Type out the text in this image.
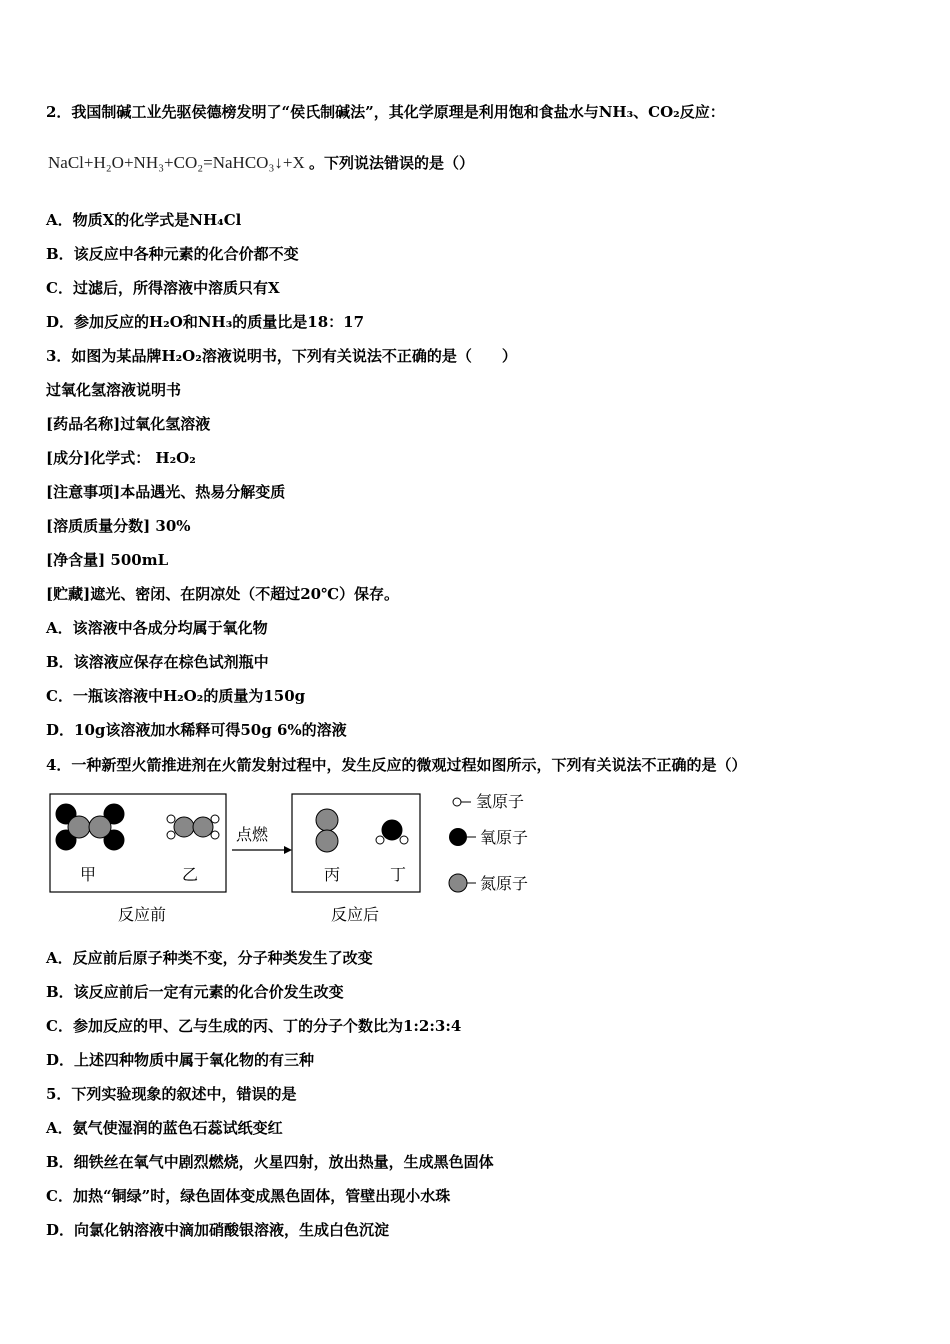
2．我国制碱工业先驱侯德榜发明了“侯氏制碱法”，其化学原理是利用饱和食盐水与NH₃、CO₂反应：
NaCl+H₂O+NH₃+CO₂=NaHCO₃↓+X 。下列说法错误的是（）
A．物质X的化学式是NH₄Cl
B．该反应中各种元素的化合价都不变
C．过滤后，所得溶液中溶质只有X
D．参加反应的H₂O和NH₃的质量比是18：17
3．如图为某品牌H₂O₂溶液说明书，下列有关说法不正确的是（　　）
过氧化氢溶液说明书
[药品名称]过氧化氢溶液
[成分]化学式： H₂O₂
[注意事项]本品遇光、热易分解变质
[溶质质量分数] 30%
[净含量] 500mL
[贮藏]遮光、密闭、在阴凉处（不超过20℃）保存。
A．该溶液中各成分均属于氧化物
B．该溶液应保存在棕色试剂瓶中
C．一瓶该溶液中H₂O₂的质量为150g
D．10g该溶液加水稀释可得50g 6%的溶液
4．一种新型火箭推进剂在火箭发射过程中，发生反应的微观过程如图所示，下列有关说法不正确的是（）
甲	乙
反应前
点燃
丙	丁
反应后
氢原子
氧原子
氮原子
A．反应前后原子种类不变，分子种类发生了改变
B．该反应前后一定有元素的化合价发生改变
C．参加反应的甲、乙与生成的丙、丁的分子个数比为1:2:3:4
D．上述四种物质中属于氧化物的有三种
5．下列实验现象的叙述中，错误的是
A．氨气使湿润的蓝色石蕊试纸变红
B．细铁丝在氧气中剧烈燃烧，火星四射，放出热量，生成黑色固体
C．加热“铜绿”时，绿色固体变成黑色固体，管壁出现小水珠
D．向氯化钠溶液中滴加硝酸银溶液，生成白色沉淀
